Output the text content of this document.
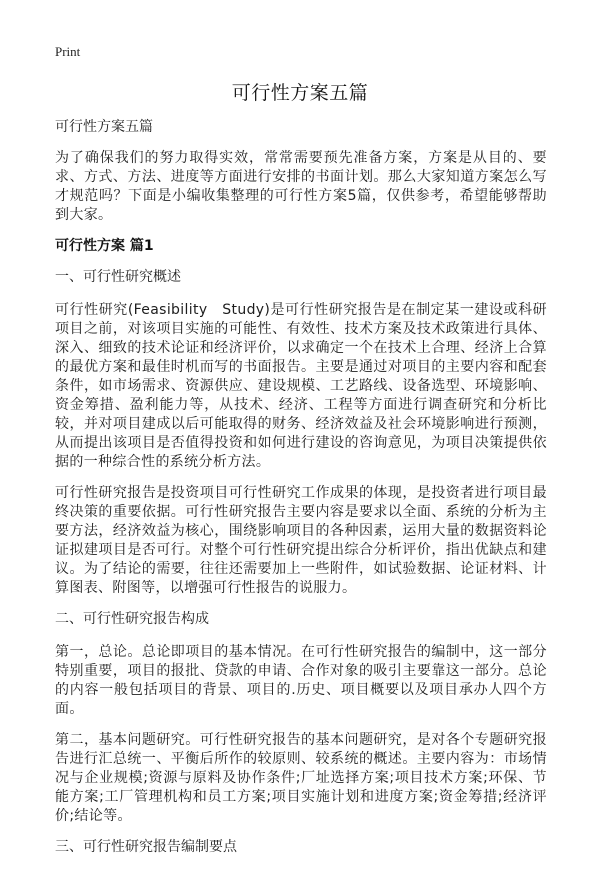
Print
可行性方案五篇
可行性方案五篇

为了确保我们的努力取得实效，常常需要预先准备方案，方案是从目的、要求、方式、方法、进度等方面进行安排的书面计划。那么大家知道方案怎么写才规范吗？下面是小编收集整理的可行性方案5篇，仅供参考，希望能够帮助到大家。

可行性方案 篇1
一、可行性研究概述

可行性研究(Feasibility　Study)是可行性研究报告是在制定某一建设或科研项目之前，对该项目实施的可能性、有效性、技术方案及技术政策进行具体、深入、细致的技术论证和经济评价，以求确定一个在技术上合理、经济上合算的最优方案和最佳时机而写的书面报告。主要是通过对项目的主要内容和配套条件，如市场需求、资源供应、建设规模、工艺路线、设备选型、环境影响、资金筹措、盈利能力等，从技术、经济、工程等方面进行调查研究和分析比较，并对项目建成以后可能取得的财务、经济效益及社会环境影响进行预测，从而提出该项目是否值得投资和如何进行建设的咨询意见，为项目决策提供依据的一种综合性的系统分析方法。

可行性研究报告是投资项目可行性研究工作成果的体现，是投资者进行项目最终决策的重要依据。可行性研究报告主要内容是要求以全面、系统的分析为主要方法，经济效益为核心，围绕影响项目的各种因素，运用大量的数据资料论证拟建项目是否可行。对整个可行性研究提出综合分析评价，指出优缺点和建议。为了结论的需要，往往还需要加上一些附件，如试验数据、论证材料、计算图表、附图等，以增强可行性报告的说服力。

二、可行性研究报告构成

第一，总论。总论即项目的基本情况。在可行性研究报告的编制中，这一部分特别重要，项目的报批、贷款的申请、合作对象的吸引主要靠这一部分。总论的内容一般包括项目的背景、项目的.历史、项目概要以及项目承办人四个方面。

第二，基本问题研究。可行性研究报告的基本问题研究，是对各个专题研究报告进行汇总统一、平衡后所作的较原则、较系统的概述。主要内容为：市场情况与企业规模;资源与原料及协作条件;厂址选择方案;项目技术方案;环保、节能方案;工厂管理机构和员工方案;项目实施计划和进度方案;资金筹措;经济评价;结论等。

三、可行性研究报告编制要点
